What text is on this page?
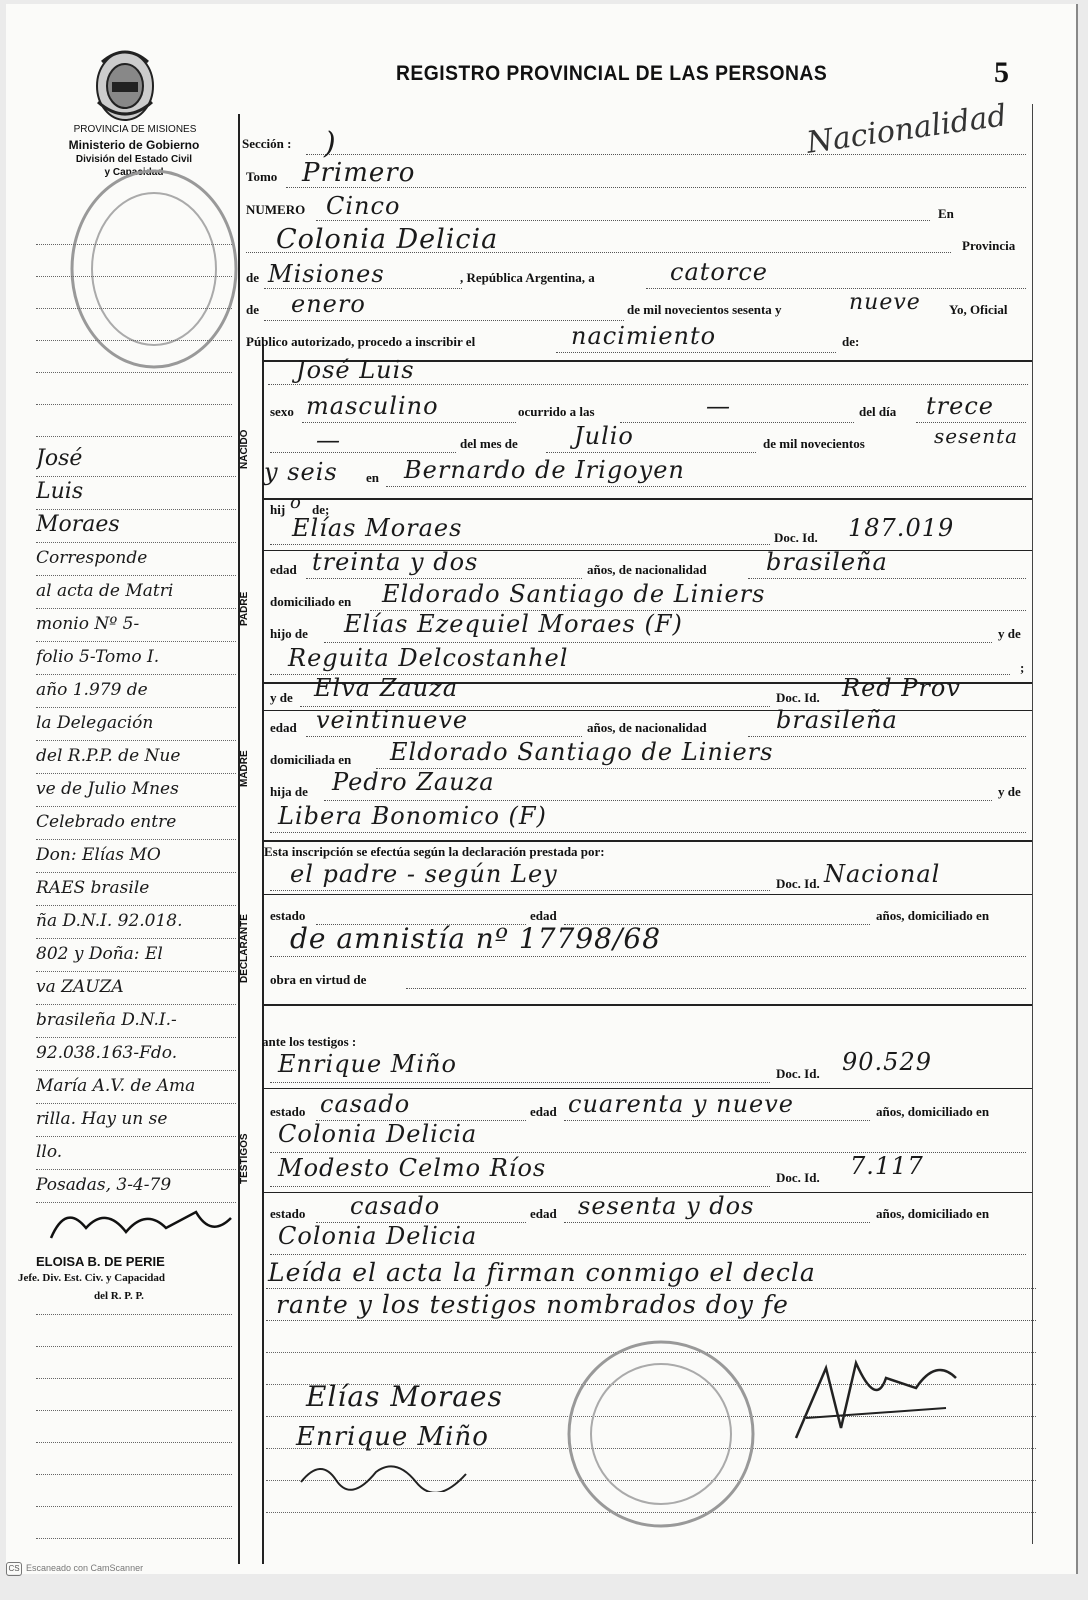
PROVINCIA DE MISIONES
Ministerio de Gobierno
División del Estado Civil
y Capacidad
REGISTRO PROVINCIAL DE LAS PERSONAS	5
Nacionalidad
Sección : )
Tomo Primero
NUMERO Cinco	En
Colonia Delicia	Provincia
de Misiones	, República Argentina, a	catorce
de enero	de mil novecientos sesenta y	nueve Yo, Oficial
Público autorizado, procedo a inscribir el	nacimiento	de:
José Luis
NACIDO
sexo masculino	ocurrido a las	—	del día trece
—	del mes de Julio	de mil novecientos	sesenta
y seis en Bernardo de Irigoyen
hij o de;
Elías Moraes	Doc. Id. 187.019
PADRE
edad treinta y dos	años, de nacionalidad brasileña
domiciliado en Eldorado Santiago de Liniers
hijo de Elías Ezequiel Moraes (F)	y de
Reguita Delcostanhel	;
y de Elva Zauza	Doc. Id. Red Prov
MADRE
edad veintinueve	años, de nacionalidad	brasileña
domiciliada en Eldorado Santiago de Liniers
hija de Pedro Zauza	y de
Libera Bonomico (F)
Esta inscripción se efectúa según la declaración prestada por:
el padre - según Ley	Doc. Id. Nacional
DECLARANTE	estado	edad	años, domiciliado en
de amnistía nº 17798/68
obra en virtud de
ante los testigos :
TESTIGOS
Enrique Miño	Doc. Id. 90.529
estado casado	edad cuarenta y nueve	años, domiciliado en
Colonia Delicia
Modesto Celmo Ríos	Doc. Id. 7.117
estado casado	edad sesenta y dos	años, domiciliado en
Colonia Delicia
Leída el acta la firman conmigo el decla
rante y los testigos nombrados doy fe
Elías Moraes
Enrique Miño
José
Luis
Moraes
Corresponde
al acta de Matri
monio Nº 5-
folio 5-Tomo I.
año 1.979 de
la Delegación
del R.P.P. de Nue
ve de Julio Mnes
Celebrado entre
Don: Elías MO
RAES brasile
ña D.N.I. 92.018.
802 y Doña: El
va ZAUZA
brasileña D.N.I.-
92.038.163-Fdo.
María A.V. de Ama
rilla. Hay un se
llo.
Posadas, 3-4-79
ELOISA B. DE PERIE
Jefe. Div. Est. Civ. y Capacidad
del R. P. P.
CS Escaneado con CamScanner
